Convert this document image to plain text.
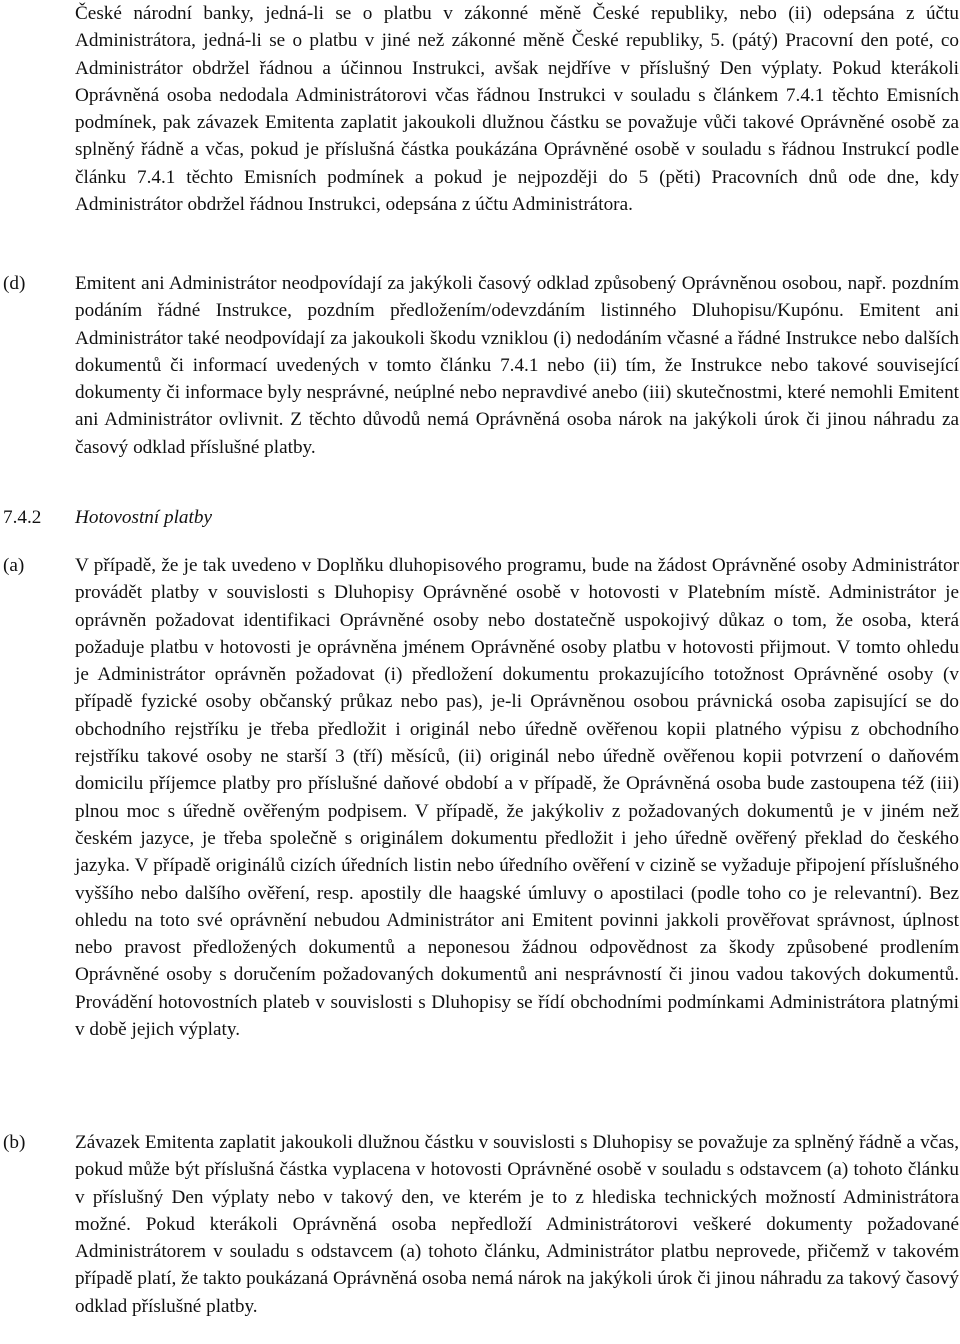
České národní banky, jedná-li se o platbu v zákonné měně České republiky, nebo (ii) odepsána z účtu Administrátora, jedná-li se o platbu v jiné než zákonné měně České republiky, 5. (pátý) Pracovní den poté, co Administrátor obdržel řádnou a účinnou Instrukci, avšak nejdříve v příslušný Den výplaty. Pokud kterákoli Oprávněná osoba nedodala Administrátorovi včas řádnou Instrukci v souladu s článkem 7.4.1 těchto Emisních podmínek, pak závazek Emitenta zaplatit jakoukoli dlužnou částku se považuje vůči takové Oprávněné osobě za splněný řádně a včas, pokud je příslušná částka poukázána Oprávněné osobě v souladu s řádnou Instrukcí podle článku 7.4.1 těchto Emisních podmínek a pokud je nejpozději do 5 (pěti) Pracovních dnů ode dne, kdy Administrátor obdržel řádnou Instrukci, odepsána z účtu Administrátora.

(d)	Emitent ani Administrátor neodpovídají za jakýkoli časový odklad způsobený Oprávněnou osobou, např. pozdním podáním řádné Instrukce, pozdním předložením/odevzdáním listinného Dluhopisu/Kupónu. Emitent ani Administrátor také neodpovídají za jakoukoli škodu vzniklou (i) nedodáním včasné a řádné Instrukce nebo dalších dokumentů či informací uvedených v tomto článku 7.4.1 nebo (ii) tím, že Instrukce nebo takové související dokumenty či informace byly nesprávné, neúplné nebo nepravdivé anebo (iii) skutečnostmi, které nemohli Emitent ani Administrátor ovlivnit. Z těchto důvodů nemá Oprávněná osoba nárok na jakýkoli úrok či jinou náhradu za časový odklad příslušné platby.

7.4.2 Hotovostní platby
(a)	V případě, že je tak uvedeno v Doplňku dluhopisového programu, bude na žádost Oprávněné osoby Administrátor provádět platby v souvislosti s Dluhopisy Oprávněné osobě v hotovosti v Platebním místě. Administrátor je oprávněn požadovat identifikaci Oprávněné osoby nebo dostatečně uspokojivý důkaz o tom, že osoba, která požaduje platbu v hotovosti je oprávněna jménem Oprávněné osoby platbu v hotovosti přijmout. V tomto ohledu je Administrátor oprávněn požadovat (i) předložení dokumentu prokazujícího totožnost Oprávněné osoby (v případě fyzické osoby občanský průkaz nebo pas), je-li Oprávněnou osobou právnická osoba zapisující se do obchodního rejstříku je třeba předložit i originál nebo úředně ověřenou kopii platného výpisu z obchodního rejstříku takové osoby ne starší 3 (tří) měsíců, (ii) originál nebo úředně ověřenou kopii potvrzení o daňovém domicilu příjemce platby pro příslušné daňové období a v případě, že Oprávněná osoba bude zastoupena též (iii) plnou moc s úředně ověřeným podpisem. V případě, že jakýkoliv z požadovaných dokumentů je v jiném než českém jazyce, je třeba společně s originálem dokumentu předložit i jeho úředně ověřený překlad do českého jazyka. V případě originálů cizích úředních listin nebo úředního ověření v cizině se vyžaduje připojení příslušného vyššího nebo dalšího ověření, resp. apostily dle haagské úmluvy o apostilaci (podle toho co je relevantní). Bez ohledu na toto své oprávnění nebudou Administrátor ani Emitent povinni jakkoli prověřovat správnost, úplnost nebo pravost předložených dokumentů a neponesou žádnou odpovědnost za škody způsobené prodlením Oprávněné osoby s doručením požadovaných dokumentů ani nesprávností či jinou vadou takových dokumentů. Provádění hotovostních plateb v souvislosti s Dluhopisy se řídí obchodními podmínkami Administrátora platnými v době jejich výplaty.

(b)	Závazek Emitenta zaplatit jakoukoli dlužnou částku v souvislosti s Dluhopisy se považuje za splněný řádně a včas, pokud může být příslušná částka vyplacena v hotovosti Oprávněné osobě v souladu s odstavcem (a) tohoto článku v příslušný Den výplaty nebo v takový den, ve kterém je to z hlediska technických možností Administrátora možné. Pokud kterákoli Oprávněná osoba nepředloží Administrátorovi veškeré dokumenty požadované Administrátorem v souladu s odstavcem (a) tohoto článku, Administrátor platbu neprovede, přičemž v takovém případě platí, že takto poukázaná Oprávněná osoba nemá nárok na jakýkoli úrok či jinou náhradu za takový časový odklad příslušné platby.
